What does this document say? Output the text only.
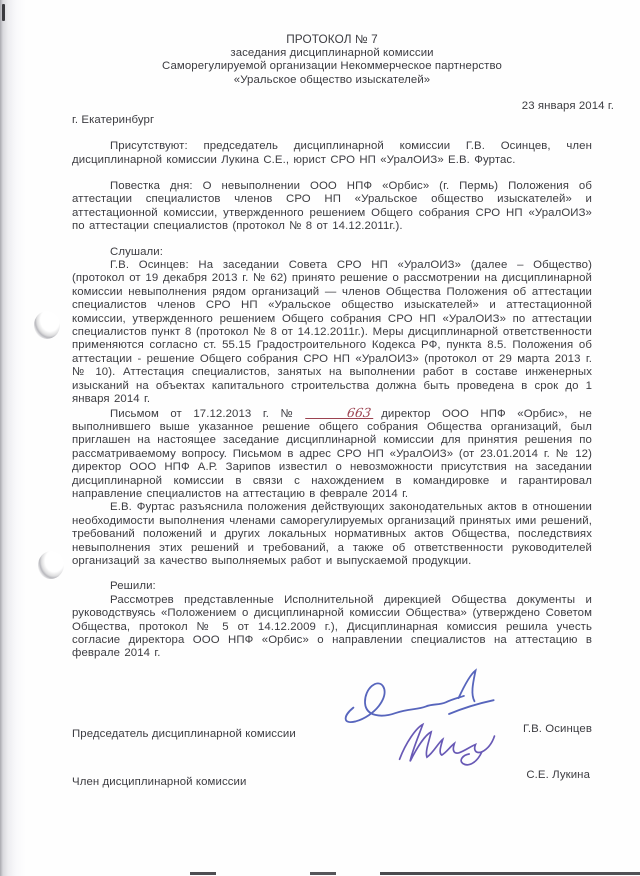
ПРОТОКОЛ № 7
заседания дисциплинарной комиссии
Саморегулируемой организации Некоммерческое партнерство
«Уральское общество изыскателей»
23 января 2014 г.
г. Екатеринбург

Присутствуют: председатель дисциплинарной комиссии Г.В. Осинцев, член дисциплинарной комиссии Лукина С.Е., юрист СРО НП «УралОИЗ» Е.В. Фуртас.

Повестка дня: О невыполнении ООО НПФ «Орбис» (г. Пермь) Положения об аттестации специалистов членов СРО НП «Уральское общество изыскателей» и аттестационной комиссии, утвержденного решением Общего собрания СРО НП «УралОИЗ» по аттестации специалистов (протокол № 8 от 14.12.2011г.).

Слушали:

Г.В. Осинцев: На заседании Совета СРО НП «УралОИЗ» (далее – Общество) (протокол от 19 декабря 2013 г. № 62) принято решение о рассмотрении на дисциплинарной комиссии невыполнения рядом организаций — членов Общества Положения об аттестации специалистов членов СРО НП «Уральское общество изыскателей» и аттестационной комиссии, утвержденного решением Общего собрания СРО НП «УралОИЗ» по аттестации специалистов пункт 8 (протокол № 8 от 14.12.2011г.). Меры дисциплинарной ответственности применяются согласно ст. 55.15 Градостроительного Кодекса РФ, пункта 8.5. Положения об аттестации - решение Общего собрания СРО НП «УралОИЗ» (протокол от 29 марта 2013 г. № 10). Аттестация специалистов, занятых на выполнении работ в составе инженерных изысканий на объектах капитального строительства должна быть проведена в срок до 1 января 2014 г.

Письмом от 17.12.2013 г. №	663 директор ООО НПФ «Орбис», не выполнившего выше указанное решение общего собрания Общества организаций, был приглашен на настоящее заседание дисциплинарной комиссии для принятия решения по рассматриваемому вопросу. Письмом в адрес СРО НП «УралОИЗ» (от 23.01.2014 г. № 12) директор ООО НПФ А.Р. Зарипов известил о невозможности присутствия на заседании дисциплинарной комиссии в связи с нахождением в командировке и гарантировал направление специалистов на аттестацию в феврале 2014 г.

Е.В. Фуртас разъяснила положения действующих законодательных актов в отношении необходимости выполнения членами саморегулируемых организаций принятых ими решений, требований положений и других локальных нормативных актов Общества, последствиях невыполнения этих решений и требований, а также об ответственности руководителей организаций за качество выполняемых работ и выпускаемой продукции.

Решили:

Рассмотрев представленные Исполнительной дирекцией Общества документы и руководствуясь «Положением о дисциплинарной комиссии Общества» (утверждено Советом Общества, протокол № 5 от 14.12.2009 г.), Дисциплинарная комиссия решила учесть согласие директора ООО НПФ «Орбис» о направлении специалистов на аттестацию в феврале 2014 г.

Председатель дисциплинарной комиссии	Г.В. Осинцев
Член дисциплинарной комиссии
С.Е. Лукина
